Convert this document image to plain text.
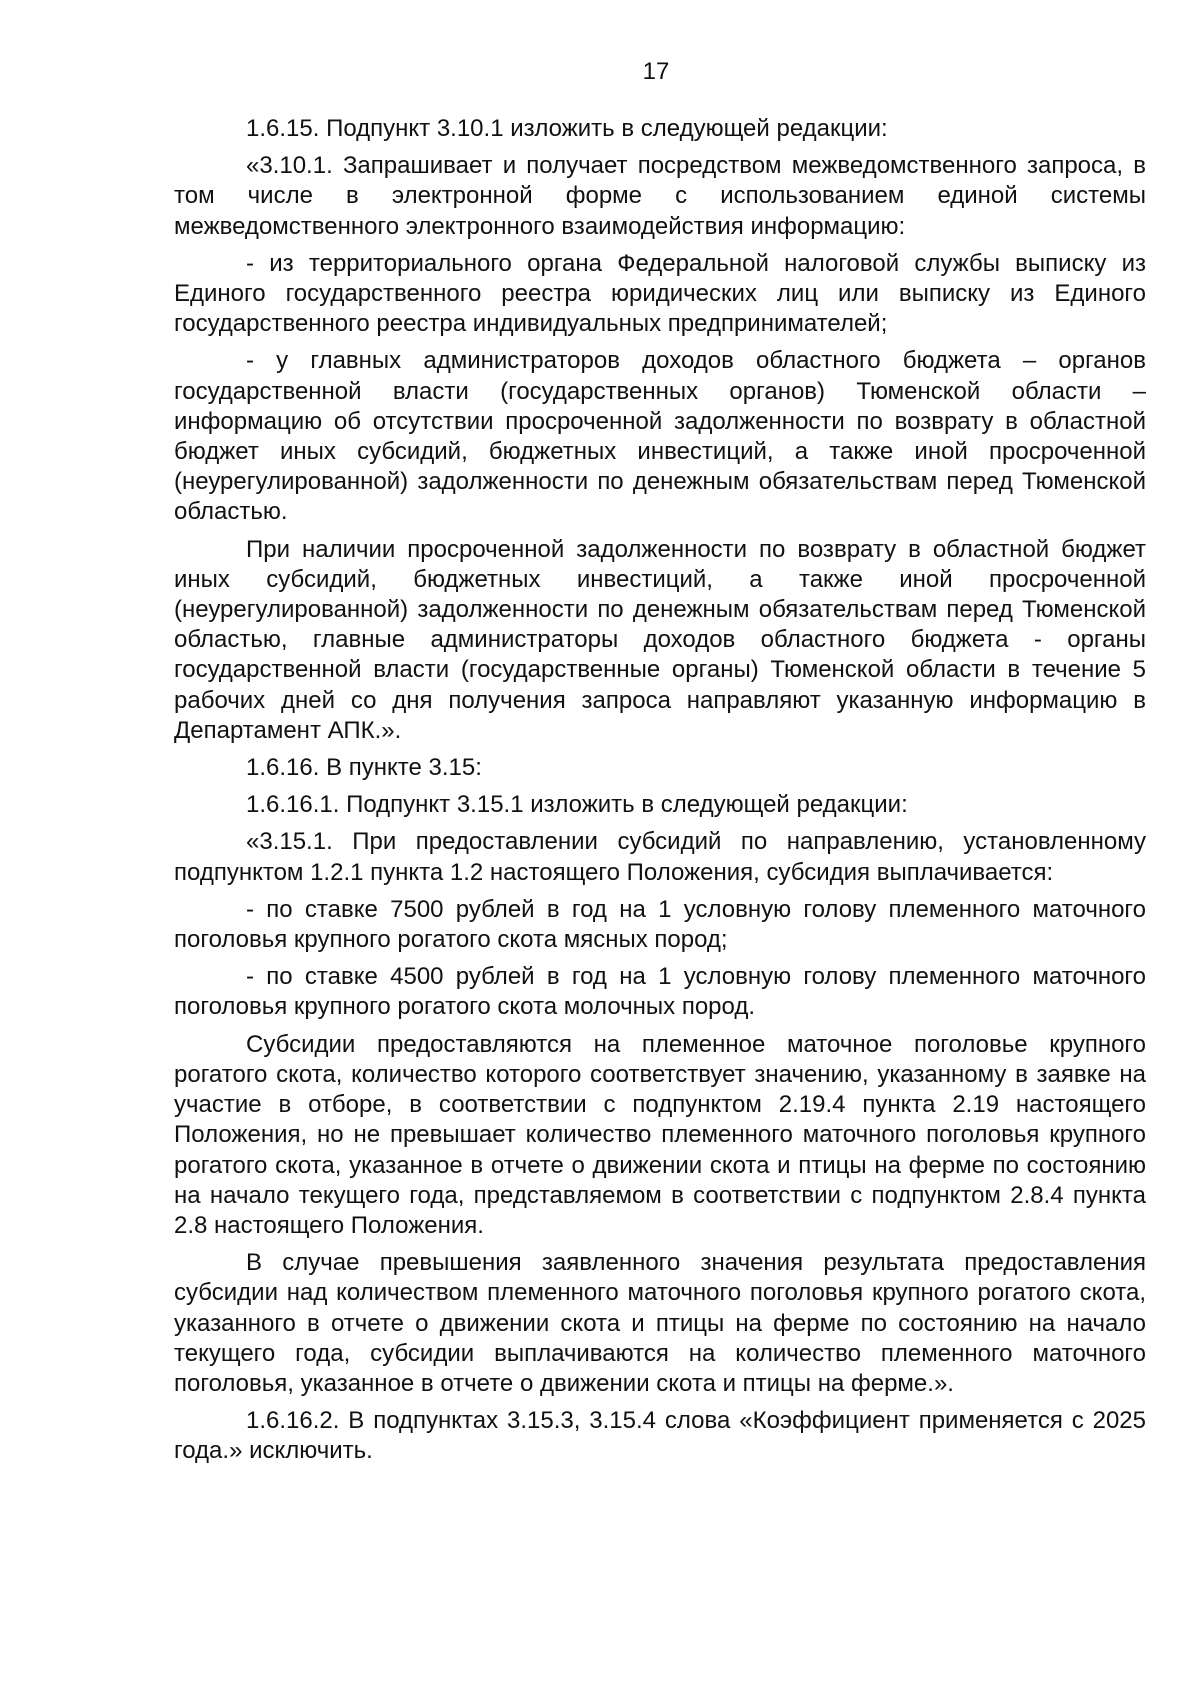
17

1.6.15. Подпункт 3.10.1 изложить в следующей редакции:

«3.10.1. Запрашивает и получает посредством межведомственного запроса, в том числе в электронной форме с использованием единой системы межведомственного электронного взаимодействия информацию:

- из территориального органа Федеральной налоговой службы выписку из Единого государственного реестра юридических лиц или выписку из Единого государственного реестра индивидуальных предпринимателей;

- у главных администраторов доходов областного бюджета – органов государственной власти (государственных органов) Тюменской области – информацию об отсутствии просроченной задолженности по возврату в областной бюджет иных субсидий, бюджетных инвестиций, а также иной просроченной (неурегулированной) задолженности по денежным обязательствам перед Тюменской областью.

При наличии просроченной задолженности по возврату в областной бюджет иных субсидий, бюджетных инвестиций, а также иной просроченной (неурегулированной) задолженности по денежным обязательствам перед Тюменской областью, главные администраторы доходов областного бюджета - органы государственной власти (государственные органы) Тюменской области в течение 5 рабочих дней со дня получения запроса направляют указанную информацию в Департамент АПК.».

1.6.16. В пункте 3.15:

1.6.16.1. Подпункт 3.15.1 изложить в следующей редакции:

«3.15.1. При предоставлении субсидий по направлению, установленному подпунктом 1.2.1 пункта 1.2 настоящего Положения, субсидия выплачивается:

- по ставке 7500 рублей в год на 1 условную голову племенного маточного поголовья крупного рогатого скота мясных пород;

- по ставке 4500 рублей в год на 1 условную голову племенного маточного поголовья крупного рогатого скота молочных пород.

Субсидии предоставляются на племенное маточное поголовье крупного рогатого скота, количество которого соответствует значению, указанному в заявке на участие в отборе, в соответствии с подпунктом 2.19.4 пункта 2.19 настоящего Положения, но не превышает количество племенного маточного поголовья крупного рогатого скота, указанное в отчете о движении скота и птицы на ферме по состоянию на начало текущего года, представляемом в соответствии с подпунктом 2.8.4 пункта 2.8 настоящего Положения.

В случае превышения заявленного значения результата предоставления субсидии над количеством племенного маточного поголовья крупного рогатого скота, указанного в отчете о движении скота и птицы на ферме по состоянию на начало текущего года, субсидии выплачиваются на количество племенного маточного поголовья, указанное в отчете о движении скота и птицы на ферме.».

1.6.16.2. В подпунктах 3.15.3, 3.15.4 слова «Коэффициент применяется с 2025 года.» исключить.
